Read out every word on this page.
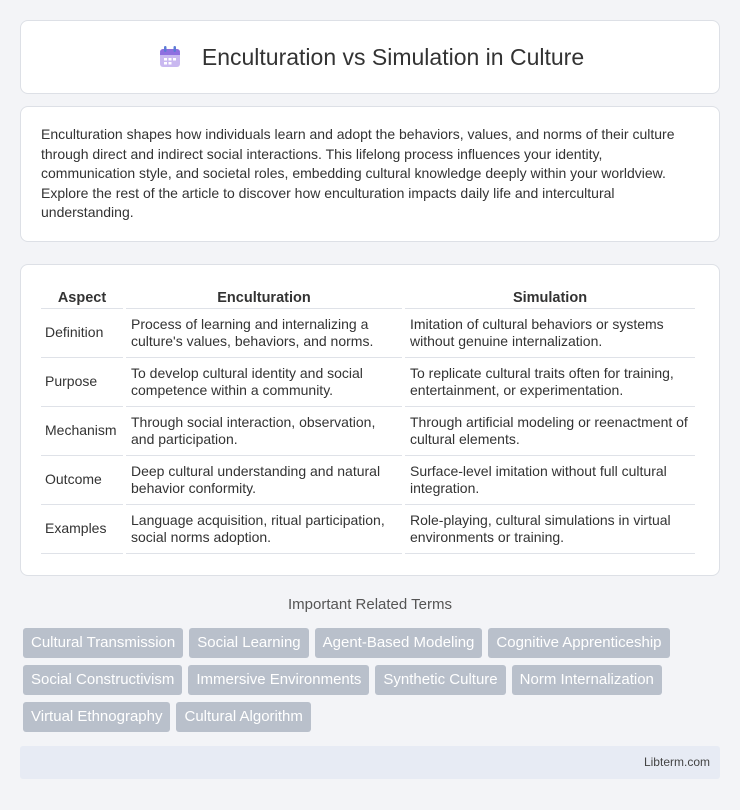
Enculturation vs Simulation in Culture

Enculturation shapes how individuals learn and adopt the behaviors, values, and norms of their culture through direct and indirect social interactions. This lifelong process influences your identity, communication style, and societal roles, embedding cultural knowledge deeply within your worldview. Explore the rest of the article to discover how enculturation impacts daily life and intercultural understanding.

Aspect	Enculturation	Simulation
Definition	Process of learning and internalizing a culture's values, behaviors, and norms.	Imitation of cultural behaviors or systems without genuine internalization.
Purpose	To develop cultural identity and social competence within a community.	To replicate cultural traits often for training, entertainment, or experimentation.
Mechanism	Through social interaction, observation, and participation.	Through artificial modeling or reenactment of cultural elements.
Outcome	Deep cultural understanding and natural behavior conformity.	Surface-level imitation without full cultural integration.
Examples	Language acquisition, ritual participation, social norms adoption.	Role-playing, cultural simulations in virtual environments or training.
Important Related Terms
Cultural Transmission	Social Learning	Agent-Based Modeling	Cognitive Apprenticeship
Social Constructivism	Immersive Environments	Synthetic Culture	Norm Internalization
Virtual Ethnography	Cultural Algorithm
Libterm.com
